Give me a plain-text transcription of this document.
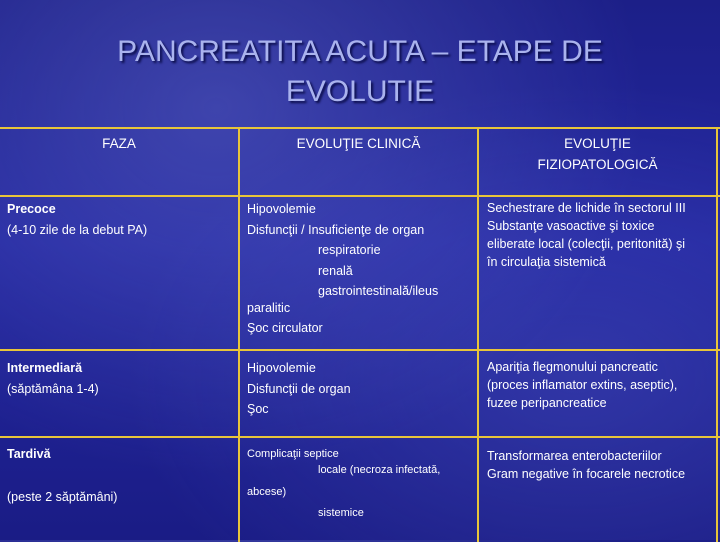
PANCREATITA ACUTA – ETAPE DE
EVOLUTIE
FAZA	EVOLUŢIE CLINICĂ	EVOLUŢIE
FIZIOPATOLOGICĂ
Precoce
(4-10 zile de la debut PA)
Hipovolemie
Disfuncţii / Insuficienţe de organ
respiratorie
renală
gastrointestinală/ileus
paralitic
Şoc circulator
Sechestrare de lichide în sectorul III
Substanţe vasoactive şi toxice
eliberate local (colecţii, peritonită) şi
în circulaţia sistemică
Intermediară
(săptămâna 1-4)
Hipovolemie
Disfuncţii de organ
Şoc
Apariţia flegmonului pancreatic
(proces inflamator extins, aseptic),
fuzee peripancreatice
Tardivă
(peste 2 săptămâni)
Complicaţii septice
locale (necroza infectată,
abcese)
sistemice
Transformarea enterobacteriilor
Gram negative în focarele necrotice
